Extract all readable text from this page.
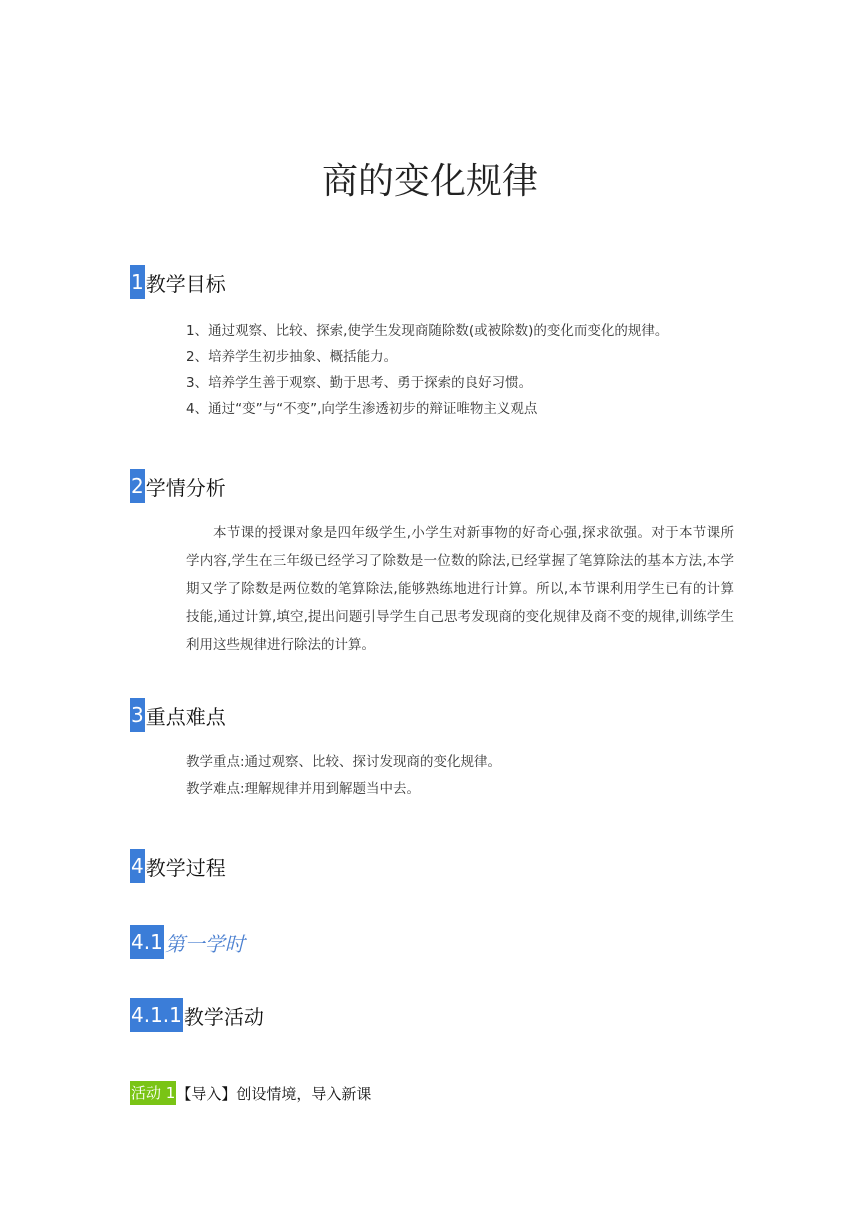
商的变化规律
1 教学目标
1、通过观察、比较、探索,使学生发现商随除数(或被除数)的变化而变化的规律。
2、培养学生初步抽象、概括能力。
3、培养学生善于观察、勤于思考、勇于探索的良好习惯。
4、通过“变”与“不变”,向学生渗透初步的辩证唯物主义观点
2 学情分析

本节课的授课对象是四年级学生,小学生对新事物的好奇心强,探求欲强。对于本节课所学内容,学生在三年级已经学习了除数是一位数的除法,已经掌握了笔算除法的基本方法,本学期又学了除数是两位数的笔算除法,能够熟练地进行计算。所以,本节课利用学生已有的计算技能,通过计算,填空,提出问题引导学生自己思考发现商的变化规律及商不变的规律,训练学生利用这些规律进行除法的计算。

3 重点难点
教学重点:通过观察、比较、探讨发现商的变化规律。
教学难点:理解规律并用到解题当中去。
4 教学过程
4.1 第一学时
4.1.1 教学活动
活动 1 【导入】创设情境，导入新课
